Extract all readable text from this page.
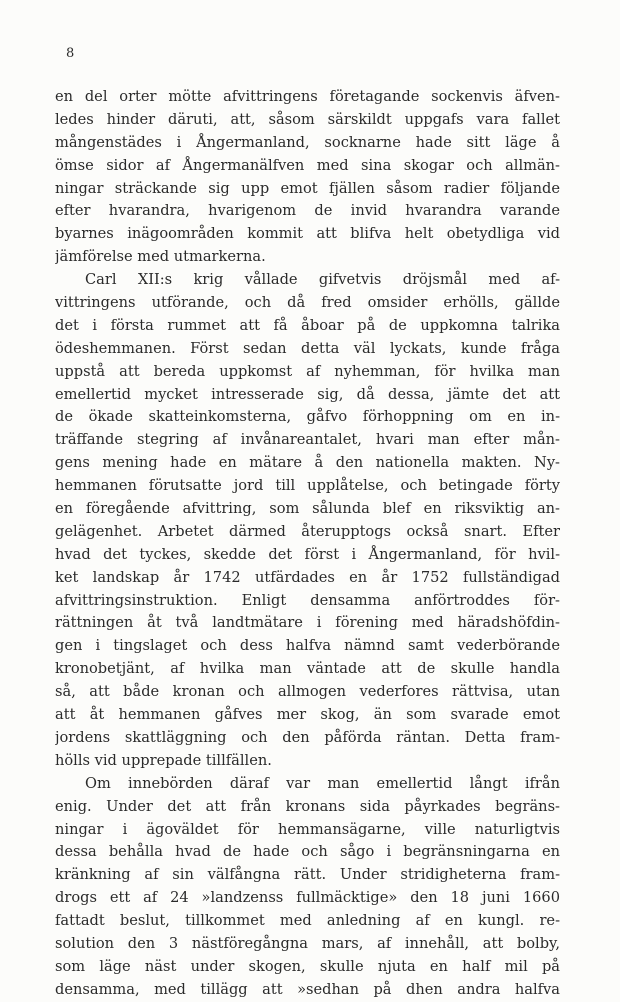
8
en del orter mötte afvittringens företagande sockenvis äfven-
ledes hinder däruti, att, såsom särskildt uppgafs vara fallet
mångenstädes i Ångermanland, socknarne hade sitt läge å
ömse sidor af Ångermanälfven med sina skogar och allmän-
ningar sträckande sig upp emot fjällen såsom radier följande
efter hvarandra, hvarigenom de invid hvarandra varande
byarnes inägoområden kommit att blifva helt obetydliga vid
jämförelse med utmarkerna.
Carl XII:s krig vållade gifvetvis dröjsmål med af-
vittringens utförande, och då fred omsider erhölls, gällde
det i första rummet att få åboar på de uppkomna talrika
ödeshemmanen. Först sedan detta väl lyckats, kunde fråga
uppstå att bereda uppkomst af nyhemman, för hvilka man
emellertid mycket intresserade sig, då dessa, jämte det att
de ökade skatteinkomsterna, gåfvo förhoppning om en in-
träffande stegring af invånareantalet, hvari man efter mån-
gens mening hade en mätare å den nationella makten. Ny-
hemmanen förutsatte jord till upplåtelse, och betingade förty
en föregående afvittring, som sålunda blef en riksviktig an-
gelägenhet. Arbetet därmed återupptogs också snart. Efter
hvad det tyckes, skedde det först i Ångermanland, för hvil-
ket landskap år 1742 utfärdades en år 1752 fullständigad
afvittringsinstruktion. Enligt densamma anförtroddes för-
rättningen åt två landtmätare i förening med häradshöfdin-
gen i tingslaget och dess halfva nämnd samt vederbörande
kronobetjänt, af hvilka man väntade att de skulle handla
så, att både kronan och allmogen vederfores rättvisa, utan
att åt hemmanen gåfves mer skog, än som svarade emot
jordens skattläggning och den påförda räntan. Detta fram-
hölls vid upprepade tillfällen.
Om innebörden däraf var man emellertid långt ifrån
enig. Under det att från kronans sida påyrkades begräns-
ningar i ägoväldet för hemmansägarne, ville naturligtvis
dessa behålla hvad de hade och sågo i begränsningarna en
kränkning af sin välfångna rätt. Under stridigheterna fram-
drogs ett af 24 »landzenss fullmäcktige» den 18 juni 1660
fattadt beslut, tillkommet med anledning af en kungl. re-
solution den 3 nästföregångna mars, af innehåll, att bolby,
som läge näst under skogen, skulle njuta en half mil på
densamma, med tillägg att »sedhan på dhen andra halfva
